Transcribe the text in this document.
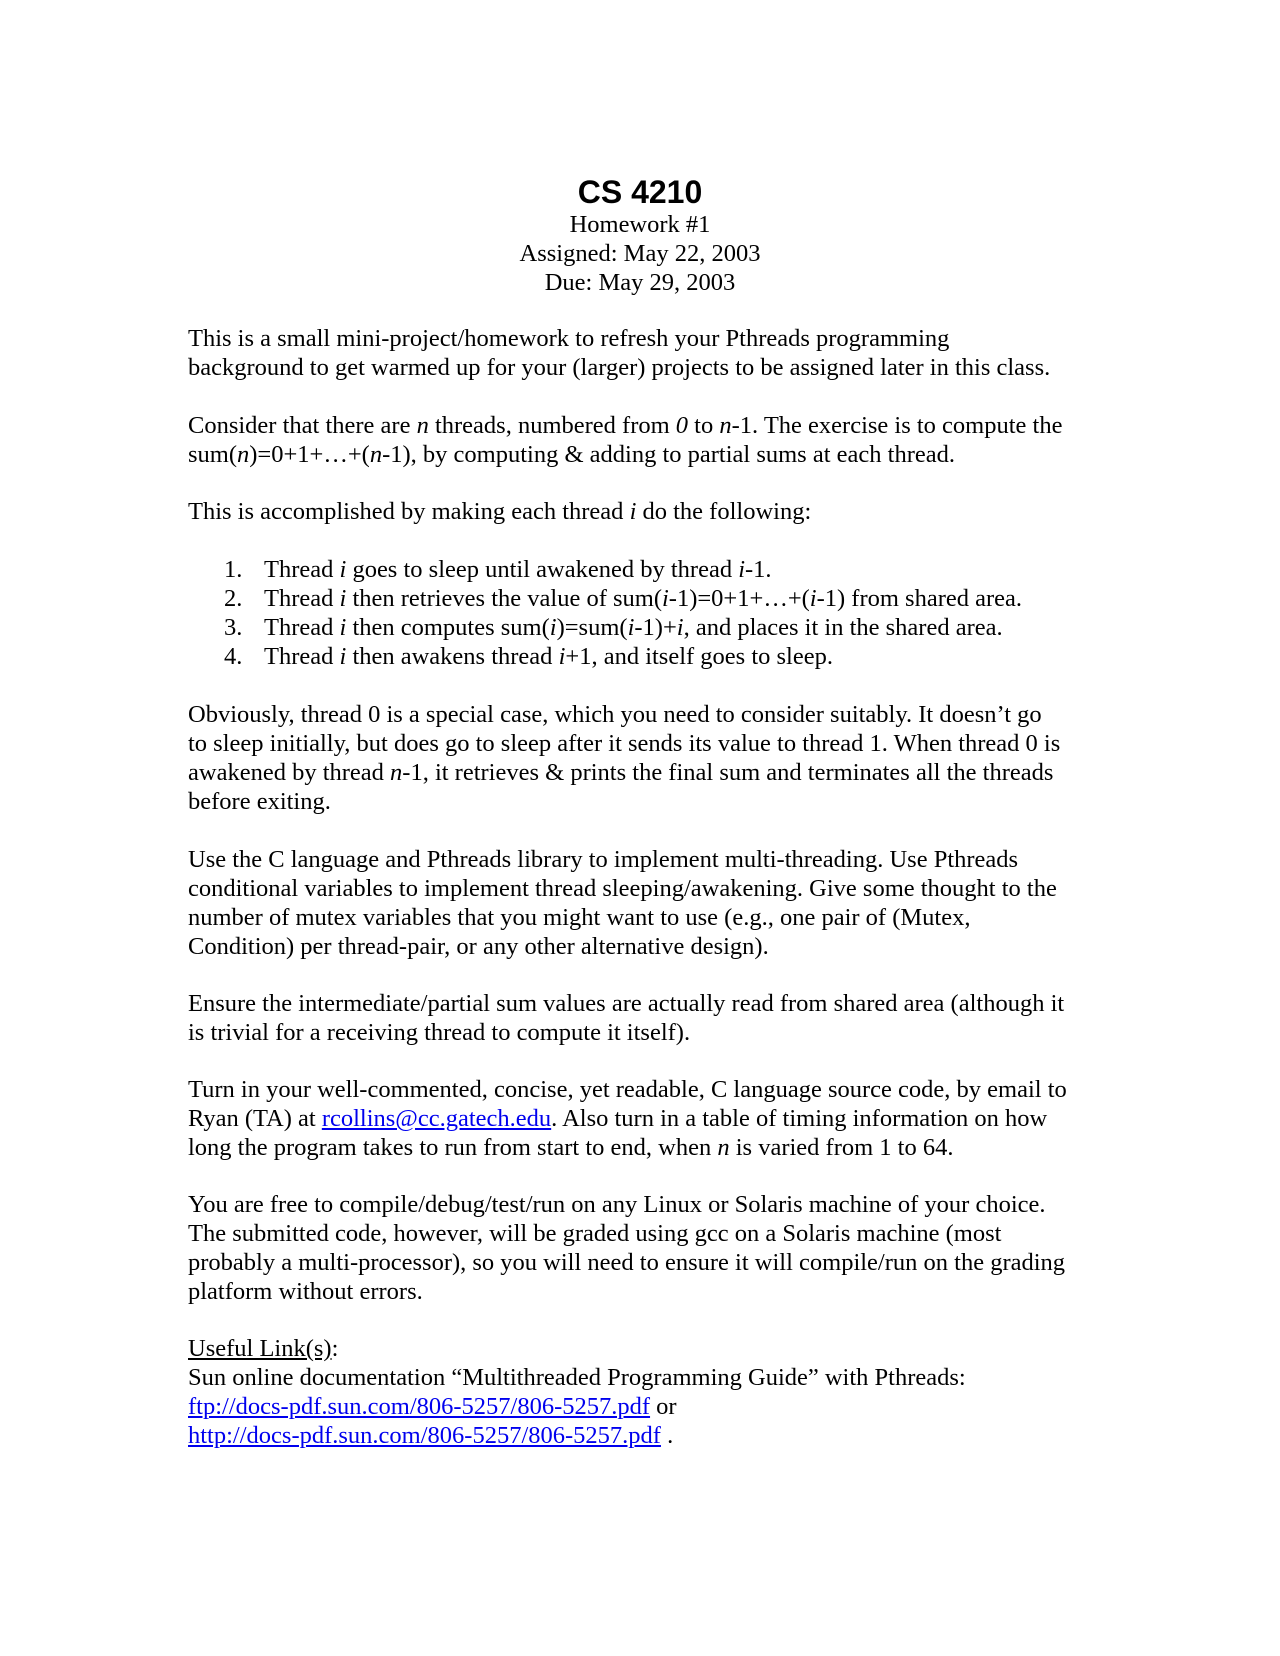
CS 4210
Homework #1
Assigned: May 22, 2003
Due: May 29, 2003

This is a small mini-project/homework to refresh your Pthreads programming

background to get warmed up for your (larger) projects to be assigned later in this class.

Consider that there are n threads, numbered from 0 to n-1. The exercise is to compute the

sum(n)=0+1+…+(n-1), by computing & adding to partial sums at each thread.

This is accomplished by making each thread i do the following:

1. Thread i goes to sleep until awakened by thread i-1.
2. Thread i then retrieves the value of sum(i-1)=0+1+…+(i-1) from shared area.
3. Thread i then computes sum(i)=sum(i-1)+i, and places it in the shared area.
4. Thread i then awakens thread i+1, and itself goes to sleep.

Obviously, thread 0 is a special case, which you need to consider suitably. It doesn’t go

to sleep initially, but does go to sleep after it sends its value to thread 1. When thread 0 is

awakened by thread n-1, it retrieves & prints the final sum and terminates all the threads

before exiting.

Use the C language and Pthreads library to implement multi-threading. Use Pthreads

conditional variables to implement thread sleeping/awakening. Give some thought to the

number of mutex variables that you might want to use (e.g., one pair of (Mutex,

Condition) per thread-pair, or any other alternative design).

Ensure the intermediate/partial sum values are actually read from shared area (although it

is trivial for a receiving thread to compute it itself).

Turn in your well-commented, concise, yet readable, C language source code, by email to

Ryan (TA) at rcollins@cc.gatech.edu. Also turn in a table of timing information on how

long the program takes to run from start to end, when n is varied from 1 to 64.

You are free to compile/debug/test/run on any Linux or Solaris machine of your choice.

The submitted code, however, will be graded using gcc on a Solaris machine (most

probably a multi-processor), so you will need to ensure it will compile/run on the grading

platform without errors.

Useful Link(s):

Sun online documentation “Multithreaded Programming Guide” with Pthreads:

ftp://docs-pdf.sun.com/806-5257/806-5257.pdf or

http://docs-pdf.sun.com/806-5257/806-5257.pdf .
